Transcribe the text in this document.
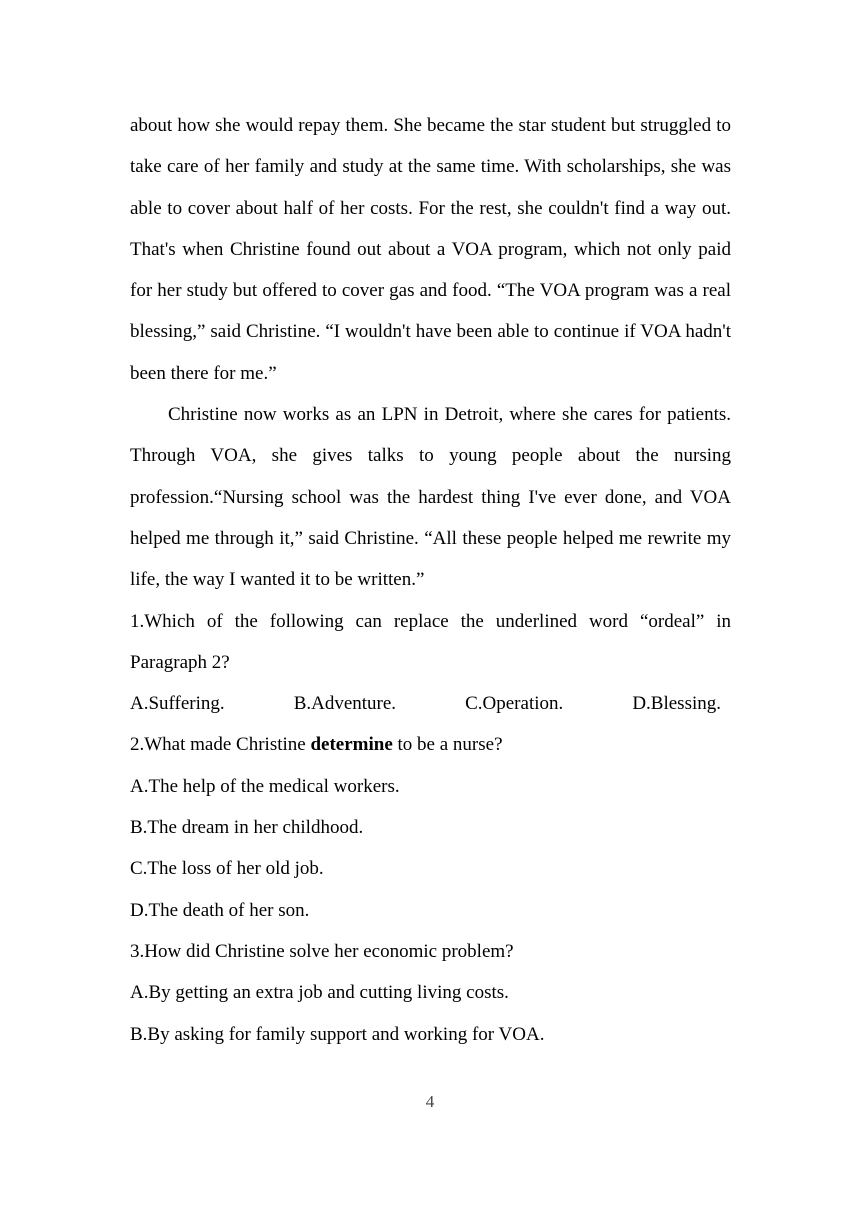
about how she would repay them. She became the star student but struggled to take care of her family and study at the same time. With scholarships, she was able to cover about half of her costs. For the rest, she couldn't find a way out. That's when Christine found out about a VOA program, which not only paid for her study but offered to cover gas and food. “The VOA program was a real blessing,” said Christine. “I wouldn't have been able to continue if VOA hadn't been there for me.”

Christine now works as an LPN in Detroit, where she cares for patients. Through VOA, she gives talks to young people about the nursing profession.“Nursing school was the hardest thing I've ever done, and VOA helped me through it,” said Christine. “All these people helped me rewrite my life, the way I wanted it to be written.”

1.Which of the following can replace the underlined word “ordeal” in Paragraph 2?

A.Suffering.	B.Adventure.	C.Operation.	D.Blessing.

2.What made Christine determine to be a nurse?

A.The help of the medical workers.

B.The dream in her childhood.

C.The loss of her old job.

D.The death of her son.

3.How did Christine solve her economic problem?

A.By getting an extra job and cutting living costs.

B.By asking for family support and working for VOA.

4
